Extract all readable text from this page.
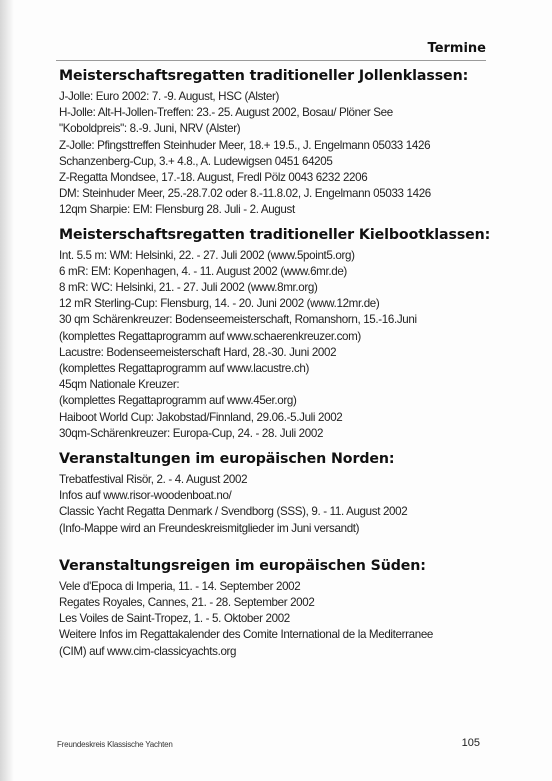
Termine
Meisterschaftsregatten traditioneller Jollenklassen:
J-Jolle: Euro 2002: 7. -9. August, HSC (Alster)
H-Jolle: Alt-H-Jollen-Treffen: 23.- 25. August 2002, Bosau/ Plöner See
"Koboldpreis": 8.-9. Juni, NRV (Alster)
Z-Jolle: Pfingsttreffen Steinhuder Meer, 18.+ 19.5., J. Engelmann 05033 1426
Schanzenberg-Cup, 3.+ 4.8., A. Ludewigsen 0451 64205
Z-Regatta Mondsee, 17.-18. August, Fredl Pölz 0043 6232 2206
DM: Steinhuder Meer, 25.-28.7.02 oder 8.-11.8.02, J. Engelmann 05033 1426
12qm Sharpie: EM: Flensburg 28. Juli - 2. August
Meisterschaftsregatten traditioneller Kielbootklassen:
Int. 5.5 m: WM: Helsinki, 22. - 27. Juli 2002 (www.5point5.org)
6 mR: EM: Kopenhagen, 4. - 11. August 2002 (www.6mr.de)
8 mR: WC: Helsinki, 21. - 27. Juli 2002 (www.8mr.org)
12 mR Sterling-Cup: Flensburg, 14. - 20. Juni 2002 (www.12mr.de)
30 qm Schärenkreuzer: Bodenseemeisterschaft, Romanshorn, 15.-16.Juni
(komplettes Regattaprogramm auf www.schaerenkreuzer.com)
Lacustre: Bodenseemeisterschaft Hard, 28.-30. Juni 2002
(komplettes Regattaprogramm auf www.lacustre.ch)
45qm Nationale Kreuzer:
(komplettes Regattaprogramm auf www.45er.org)
Haiboot World Cup: Jakobstad/Finnland, 29.06.-5.Juli 2002
30qm-Schärenkreuzer: Europa-Cup, 24. - 28. Juli 2002
Veranstaltungen im europäischen Norden:
Trebatfestival Risör, 2. - 4. August 2002
Infos auf www.risor-woodenboat.no/
Classic Yacht Regatta Denmark / Svendborg (SSS), 9. - 11. August 2002
(Info-Mappe wird an Freundeskreismitglieder im Juni versandt)
Veranstaltungsreigen im europäischen Süden:
Vele d'Epoca di Imperia, 11. - 14. September 2002
Regates Royales, Cannes, 21. - 28. September 2002
Les Voiles de Saint-Tropez, 1. - 5. Oktober 2002
Weitere Infos im Regattakalender des Comite International de la Mediterranee
(CIM) auf www.cim-classicyachts.org
Freundeskreis Klassische Yachten	105
